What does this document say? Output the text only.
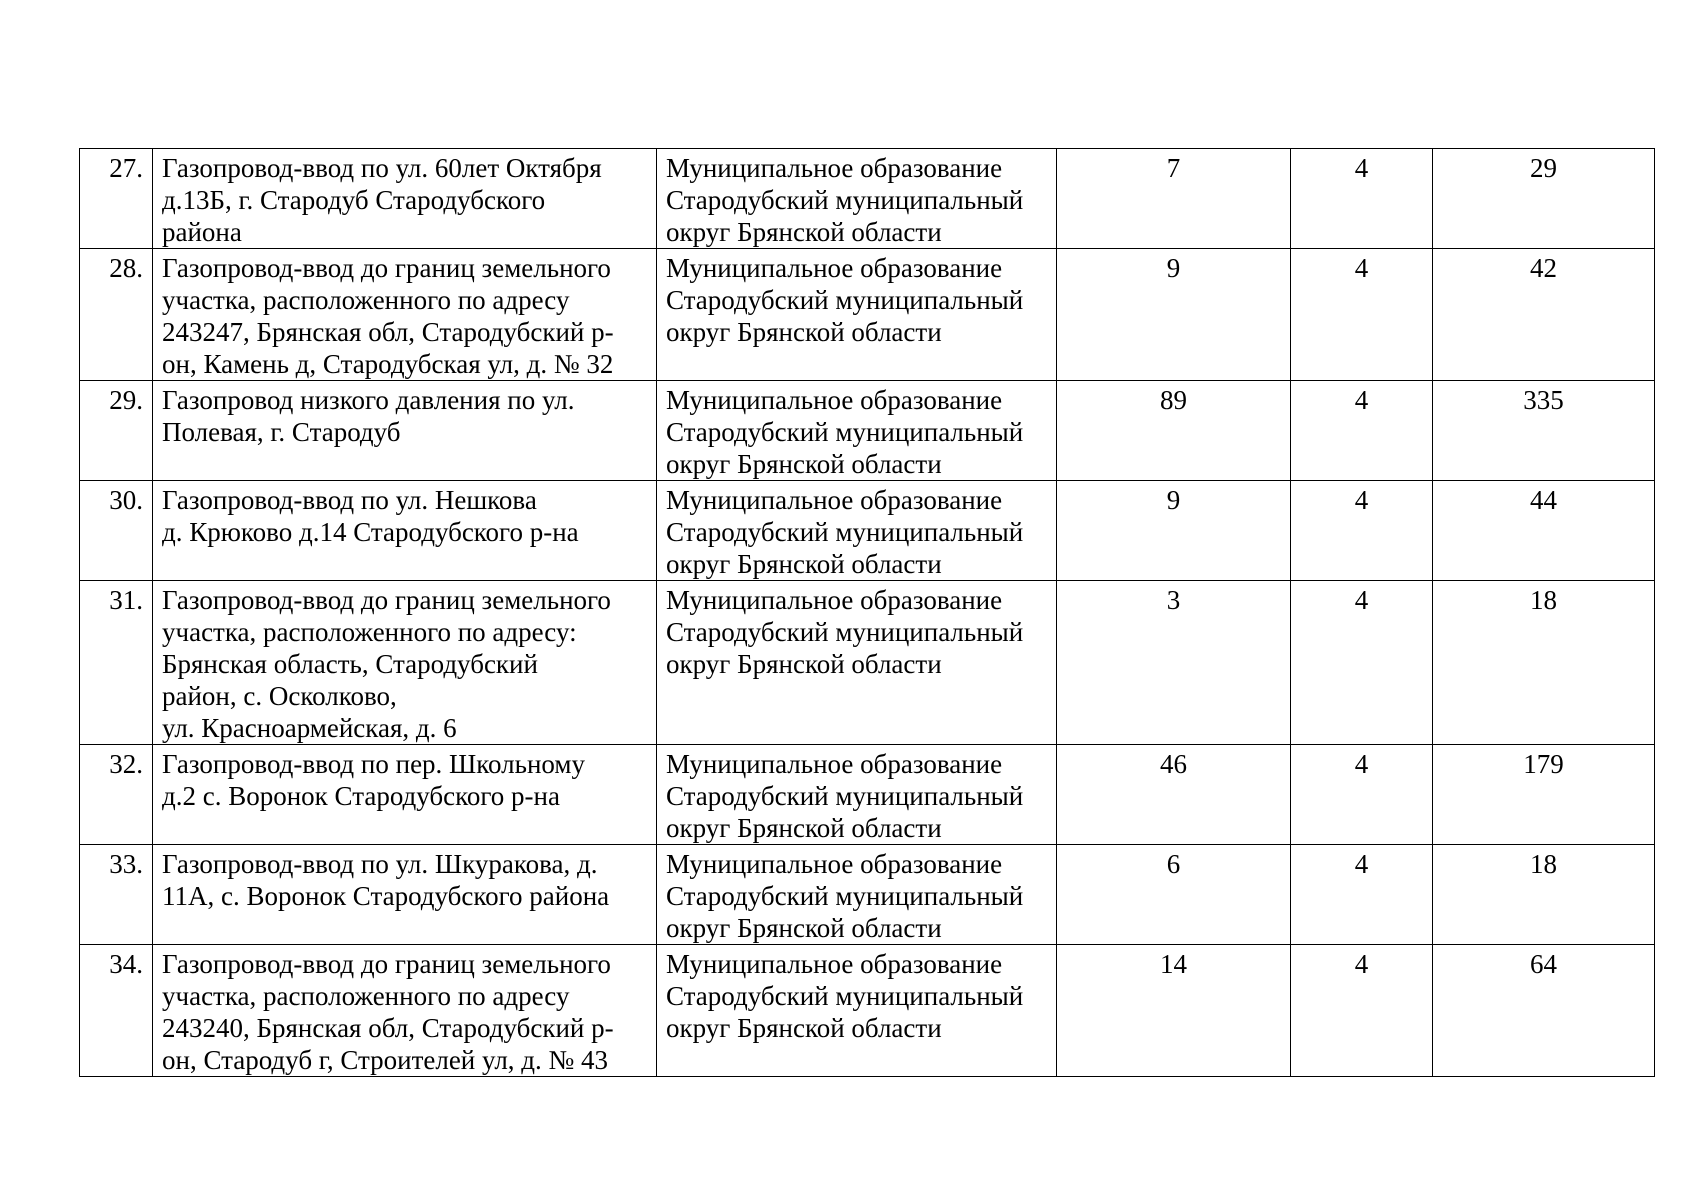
27.	Газопровод-ввод по ул. 60лет Октября
д.13Б, г. Стародуб Стародубского
района	Муниципальное образование
Стародубский муниципальный
округ Брянской области	7	4	29
28.	Газопровод-ввод до границ земельного
участка, расположенного по адресу
243247, Брянская обл, Стародубский р-
он, Камень д, Стародубская ул, д. № 32	Муниципальное образование
Стародубский муниципальный
округ Брянской области	9	4	42
29.	Газопровод низкого давления по ул.
Полевая, г. Стародуб	Муниципальное образование
Стародубский муниципальный
округ Брянской области	89	4	335
30.	Газопровод-ввод по ул. Нешкова
д. Крюково д.14 Стародубского р-на	Муниципальное образование
Стародубский муниципальный
округ Брянской области	9	4	44
31.	Газопровод-ввод до границ земельного
участка, расположенного по адресу:
Брянская область, Стародубский
район, с. Осколково,
ул. Красноармейская, д. 6	Муниципальное образование
Стародубский муниципальный
округ Брянской области	3	4	18
32.	Газопровод-ввод по пер. Школьному
д.2 с. Воронок Стародубского р-на	Муниципальное образование
Стародубский муниципальный
округ Брянской области	46	4	179
33.	Газопровод-ввод по ул. Шкуракова, д.
11А, с. Воронок Стародубского района	Муниципальное образование
Стародубский муниципальный
округ Брянской области	6	4	18
34.	Газопровод-ввод до границ земельного
участка, расположенного по адресу
243240, Брянская обл, Стародубский р-
он, Стародуб г, Строителей ул, д. № 43	Муниципальное образование
Стародубский муниципальный
округ Брянской области	14	4	64
